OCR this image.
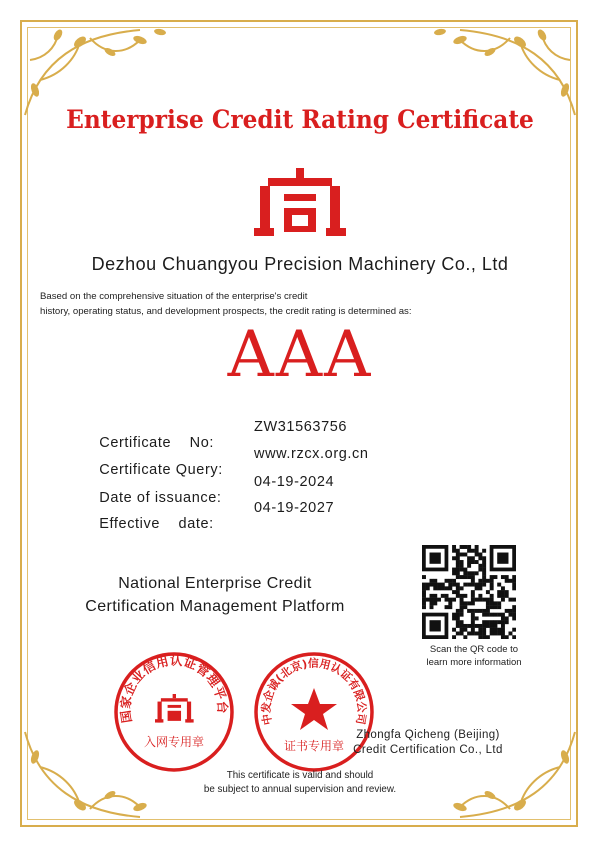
Enterprise Credit Rating Certificate
Dezhou Chuangyou Precision Machinery Co., Ltd
Based on the comprehensive situation of the enterprise's credit
history, operating status, and development prospects, the credit rating is determined as:
AAA

Certificate    No:

ZW31563756

Certificate Query:

www.rzcx.org.cn

Date of issuance:

04-19-2024

Effective    date:

04-19-2027

National Enterprise Credit
Certification Management Platform
Scan the QR code to
learn more information
国家企业信用认证管理平台
入网专用章
中发企诚(北京)信用认证有限公司
证书专用章
Zhongfa Qicheng (Beijing)
Credit Certification Co., Ltd
This certificate is valid and should
be subject to annual supervision and review.
